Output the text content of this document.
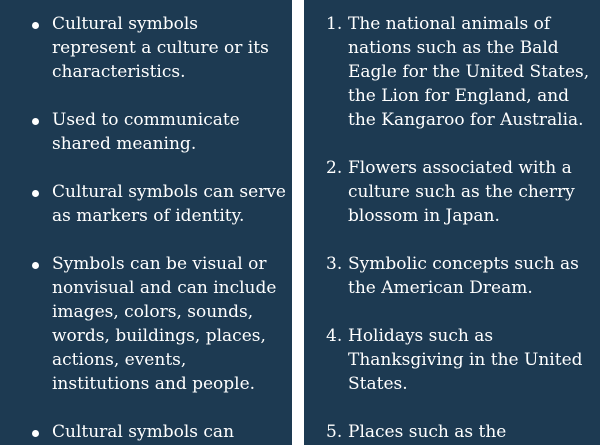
Cultural symbols represent a culture or its characteristics.
Used to communicate shared meaning.
Cultural symbols can serve as markers of identity.
Symbols can be visual or nonvisual and can include images, colors, sounds, words, buildings, places, actions, events, institutions and people.
Cultural symbols can
1. The national animals of nations such as the Bald Eagle for the United States, the Lion for England, and the Kangaroo for Australia.
2. Flowers associated with a culture such as the cherry blossom in Japan.
3. Symbolic concepts such as the American Dream.
4. Holidays such as Thanksgiving in the United States.
5. Places such as the
